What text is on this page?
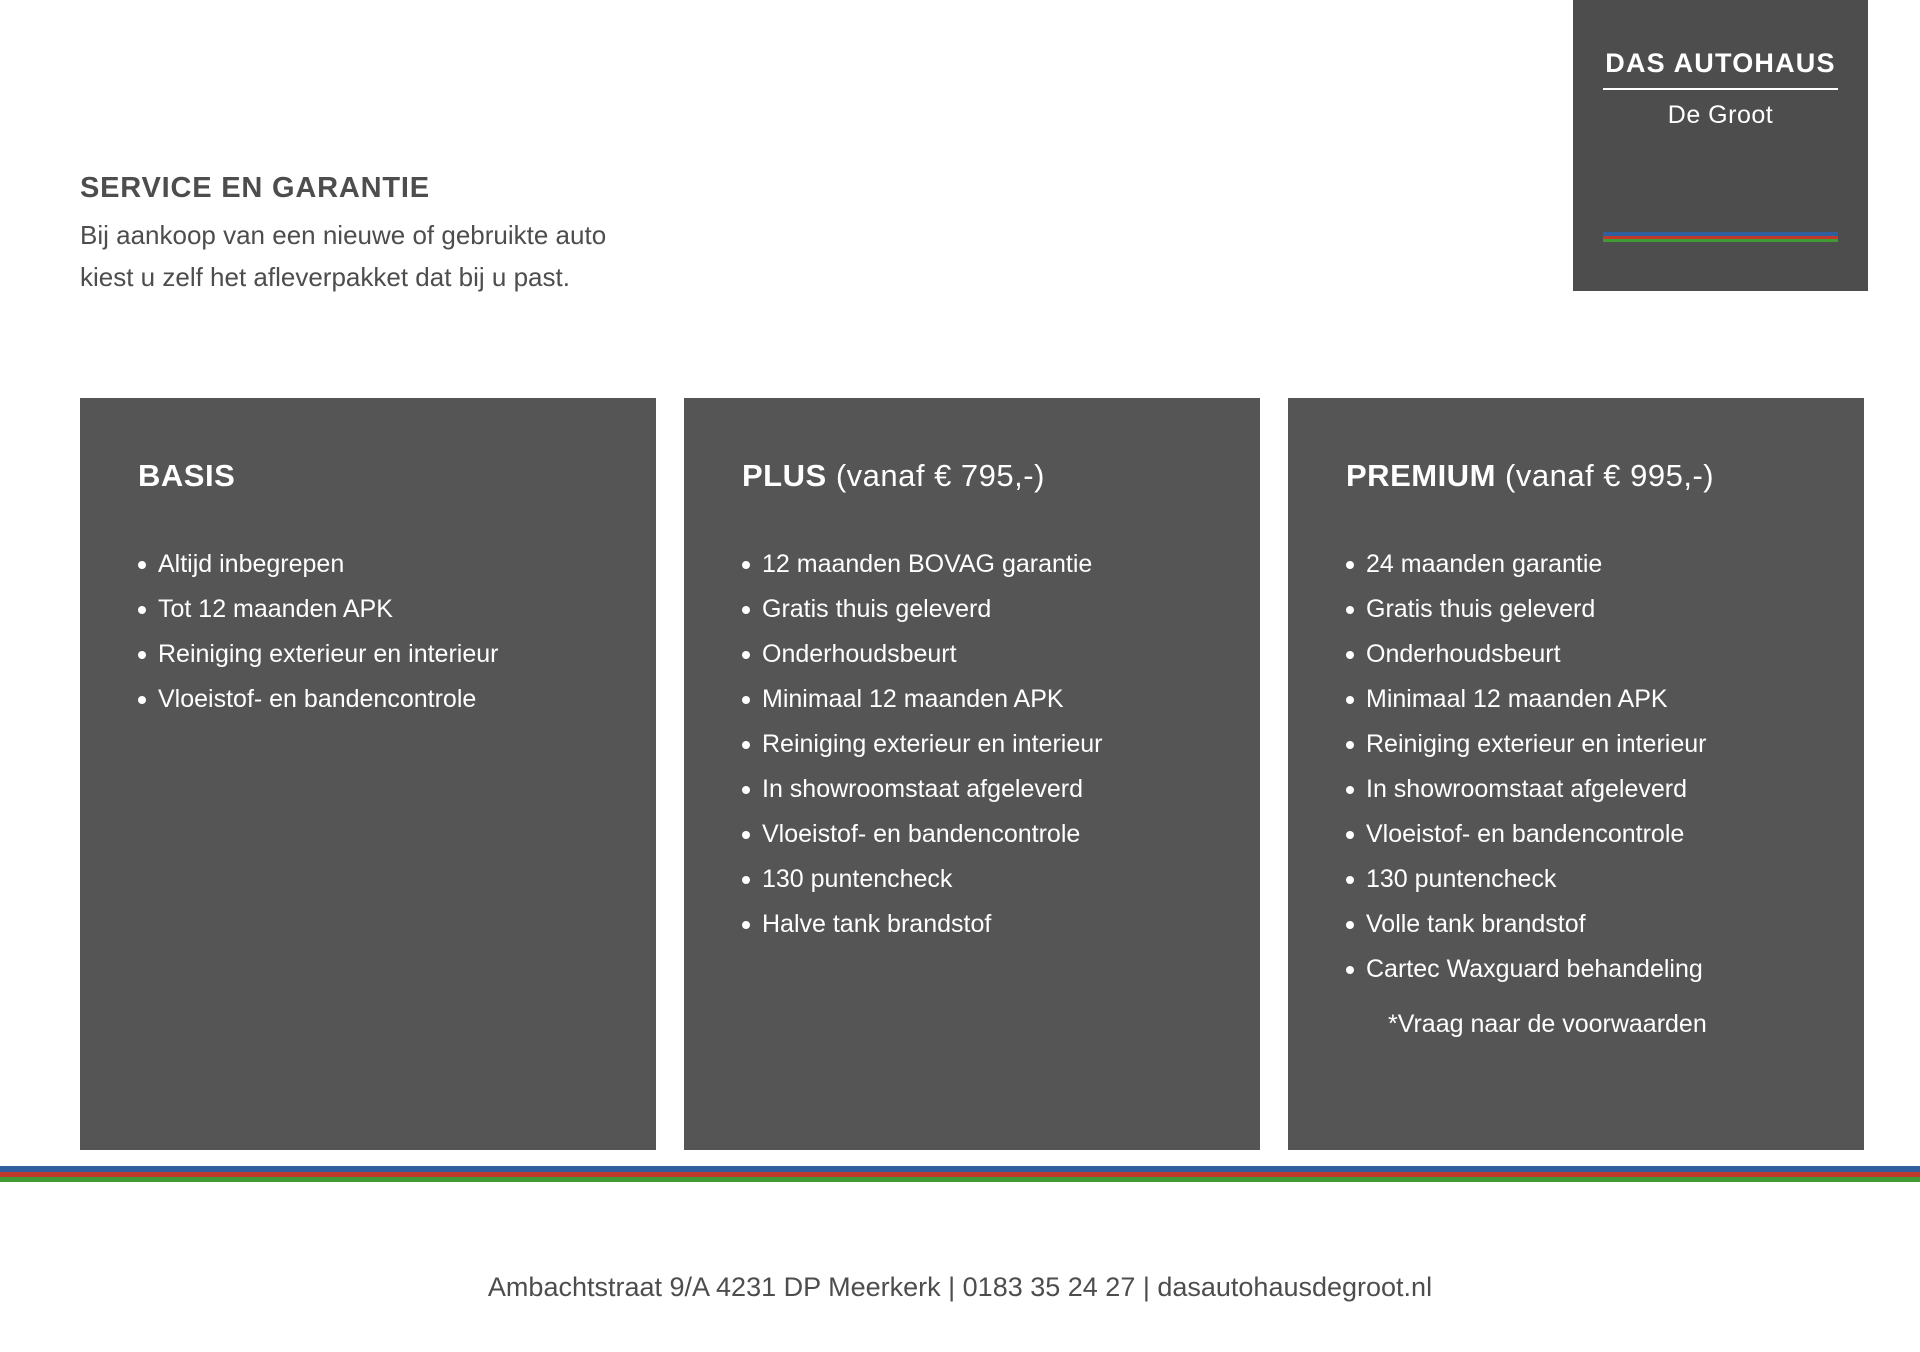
DAS AUTOHAUS
De Groot
SERVICE EN GARANTIE
Bij aankoop van een nieuwe of gebruikte auto
kiest u zelf het afleverpakket dat bij u past.
BASIS
Altijd inbegrepen
Tot 12 maanden APK
Reiniging exterieur en interieur
Vloeistof- en bandencontrole
PLUS (vanaf € 795,-)
12 maanden BOVAG garantie
Gratis thuis geleverd
Onderhoudsbeurt
Minimaal 12 maanden APK
Reiniging exterieur en interieur
In showroomstaat afgeleverd
Vloeistof- en bandencontrole
130 puntencheck
Halve tank brandstof
PREMIUM (vanaf € 995,-)
24 maanden garantie
Gratis thuis geleverd
Onderhoudsbeurt
Minimaal 12 maanden APK
Reiniging exterieur en interieur
In showroomstaat afgeleverd
Vloeistof- en bandencontrole
130 puntencheck
Volle tank brandstof
Cartec Waxguard behandeling
*Vraag naar de voorwaarden
Ambachtstraat 9/A 4231 DP Meerkerk | 0183 35 24 27 | dasautohausdegroot.nl
